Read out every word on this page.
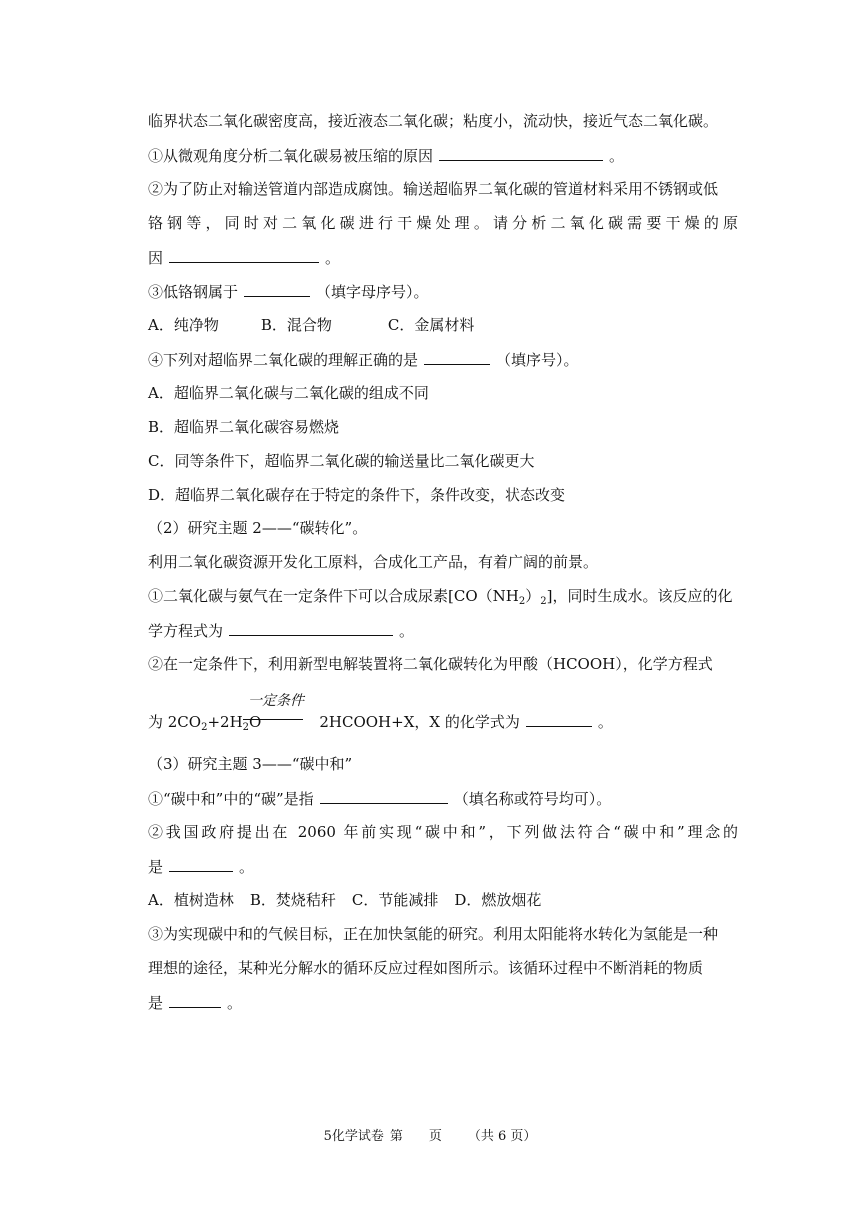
临界状态二氧化碳密度高，接近液态二氧化碳；粘度小，流动快，接近气态二氧化碳。
①从微观角度分析二氧化碳易被压缩的原因	。
②为了防止对输送管道内部造成腐蚀。输送超临界二氧化碳的管道材料采用不锈钢或低
铬钢等，同时对二氧化碳进行干燥处理。请分析二氧化碳需要干燥的原
因	。
③低铬钢属于	（填字母序号）。
A．纯净物	B．混合物	C．金属材料
④下列对超临界二氧化碳的理解正确的是	（填序号）。
A．超临界二氧化碳与二氧化碳的组成不同
B．超临界二氧化碳容易燃烧
C．同等条件下，超临界二氧化碳的输送量比二氧化碳更大
D．超临界二氧化碳存在于特定的条件下，条件改变，状态改变
（2）研究主题 2——“碳转化”。
利用二氧化碳资源开发化工原料，合成化工产品，有着广阔的前景。
①二氧化碳与氨气在一定条件下可以合成尿素$[CO(NH_2)_2]$，同时生成水。该反应的化
学方程式为	。
②在一定条件下，利用新型电解装置将二氧化碳转化为甲酸（HCOOH），化学方程式
一定条件
为 $2CO_2+2H_2O$	2HCOOH+X，X 的化学式为	。
（3）研究主题 3——“碳中和”
①“碳中和”中的“碳”是指	（填名称或符号均可）。
②我国政府提出在 2060 年前实现“碳中和”，下列做法符合“碳中和”理念的
是	。
A．植树造林 B．焚烧秸秆 C．节能减排 D．燃放烟花
③为实现碳中和的气候目标，正在加快氢能的研究。利用太阳能将水转化为氢能是一种
理想的途径，某种光分解水的循环反应过程如图所示。该循环过程中不断消耗的物质
是	。
5化学试卷 第 页 （共 6 页）
